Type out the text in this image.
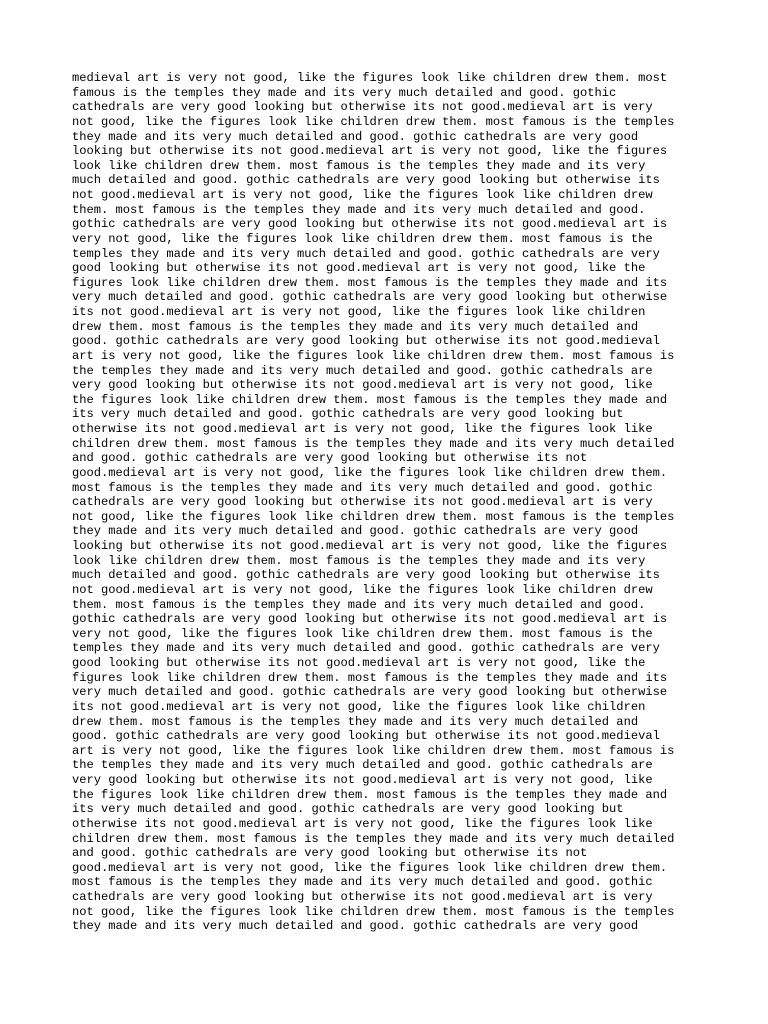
medieval art is very not good, like the figures look like children drew them. most
famous is the temples they made and its very much detailed and good. gothic
cathedrals are very good looking but otherwise its not good.medieval art is very
not good, like the figures look like children drew them. most famous is the temples
they made and its very much detailed and good. gothic cathedrals are very good
looking but otherwise its not good.medieval art is very not good, like the figures
look like children drew them. most famous is the temples they made and its very
much detailed and good. gothic cathedrals are very good looking but otherwise its
not good.medieval art is very not good, like the figures look like children drew
them. most famous is the temples they made and its very much detailed and good.
gothic cathedrals are very good looking but otherwise its not good.medieval art is
very not good, like the figures look like children drew them. most famous is the
temples they made and its very much detailed and good. gothic cathedrals are very
good looking but otherwise its not good.medieval art is very not good, like the
figures look like children drew them. most famous is the temples they made and its
very much detailed and good. gothic cathedrals are very good looking but otherwise
its not good.medieval art is very not good, like the figures look like children
drew them. most famous is the temples they made and its very much detailed and
good. gothic cathedrals are very good looking but otherwise its not good.medieval
art is very not good, like the figures look like children drew them. most famous is
the temples they made and its very much detailed and good. gothic cathedrals are
very good looking but otherwise its not good.medieval art is very not good, like
the figures look like children drew them. most famous is the temples they made and
its very much detailed and good. gothic cathedrals are very good looking but
otherwise its not good.medieval art is very not good, like the figures look like
children drew them. most famous is the temples they made and its very much detailed
and good. gothic cathedrals are very good looking but otherwise its not
good.medieval art is very not good, like the figures look like children drew them.
most famous is the temples they made and its very much detailed and good. gothic
cathedrals are very good looking but otherwise its not good.medieval art is very
not good, like the figures look like children drew them. most famous is the temples
they made and its very much detailed and good. gothic cathedrals are very good
looking but otherwise its not good.medieval art is very not good, like the figures
look like children drew them. most famous is the temples they made and its very
much detailed and good. gothic cathedrals are very good looking but otherwise its
not good.medieval art is very not good, like the figures look like children drew
them. most famous is the temples they made and its very much detailed and good.
gothic cathedrals are very good looking but otherwise its not good.medieval art is
very not good, like the figures look like children drew them. most famous is the
temples they made and its very much detailed and good. gothic cathedrals are very
good looking but otherwise its not good.medieval art is very not good, like the
figures look like children drew them. most famous is the temples they made and its
very much detailed and good. gothic cathedrals are very good looking but otherwise
its not good.medieval art is very not good, like the figures look like children
drew them. most famous is the temples they made and its very much detailed and
good. gothic cathedrals are very good looking but otherwise its not good.medieval
art is very not good, like the figures look like children drew them. most famous is
the temples they made and its very much detailed and good. gothic cathedrals are
very good looking but otherwise its not good.medieval art is very not good, like
the figures look like children drew them. most famous is the temples they made and
its very much detailed and good. gothic cathedrals are very good looking but
otherwise its not good.medieval art is very not good, like the figures look like
children drew them. most famous is the temples they made and its very much detailed
and good. gothic cathedrals are very good looking but otherwise its not
good.medieval art is very not good, like the figures look like children drew them.
most famous is the temples they made and its very much detailed and good. gothic
cathedrals are very good looking but otherwise its not good.medieval art is very
not good, like the figures look like children drew them. most famous is the temples
they made and its very much detailed and good. gothic cathedrals are very good
